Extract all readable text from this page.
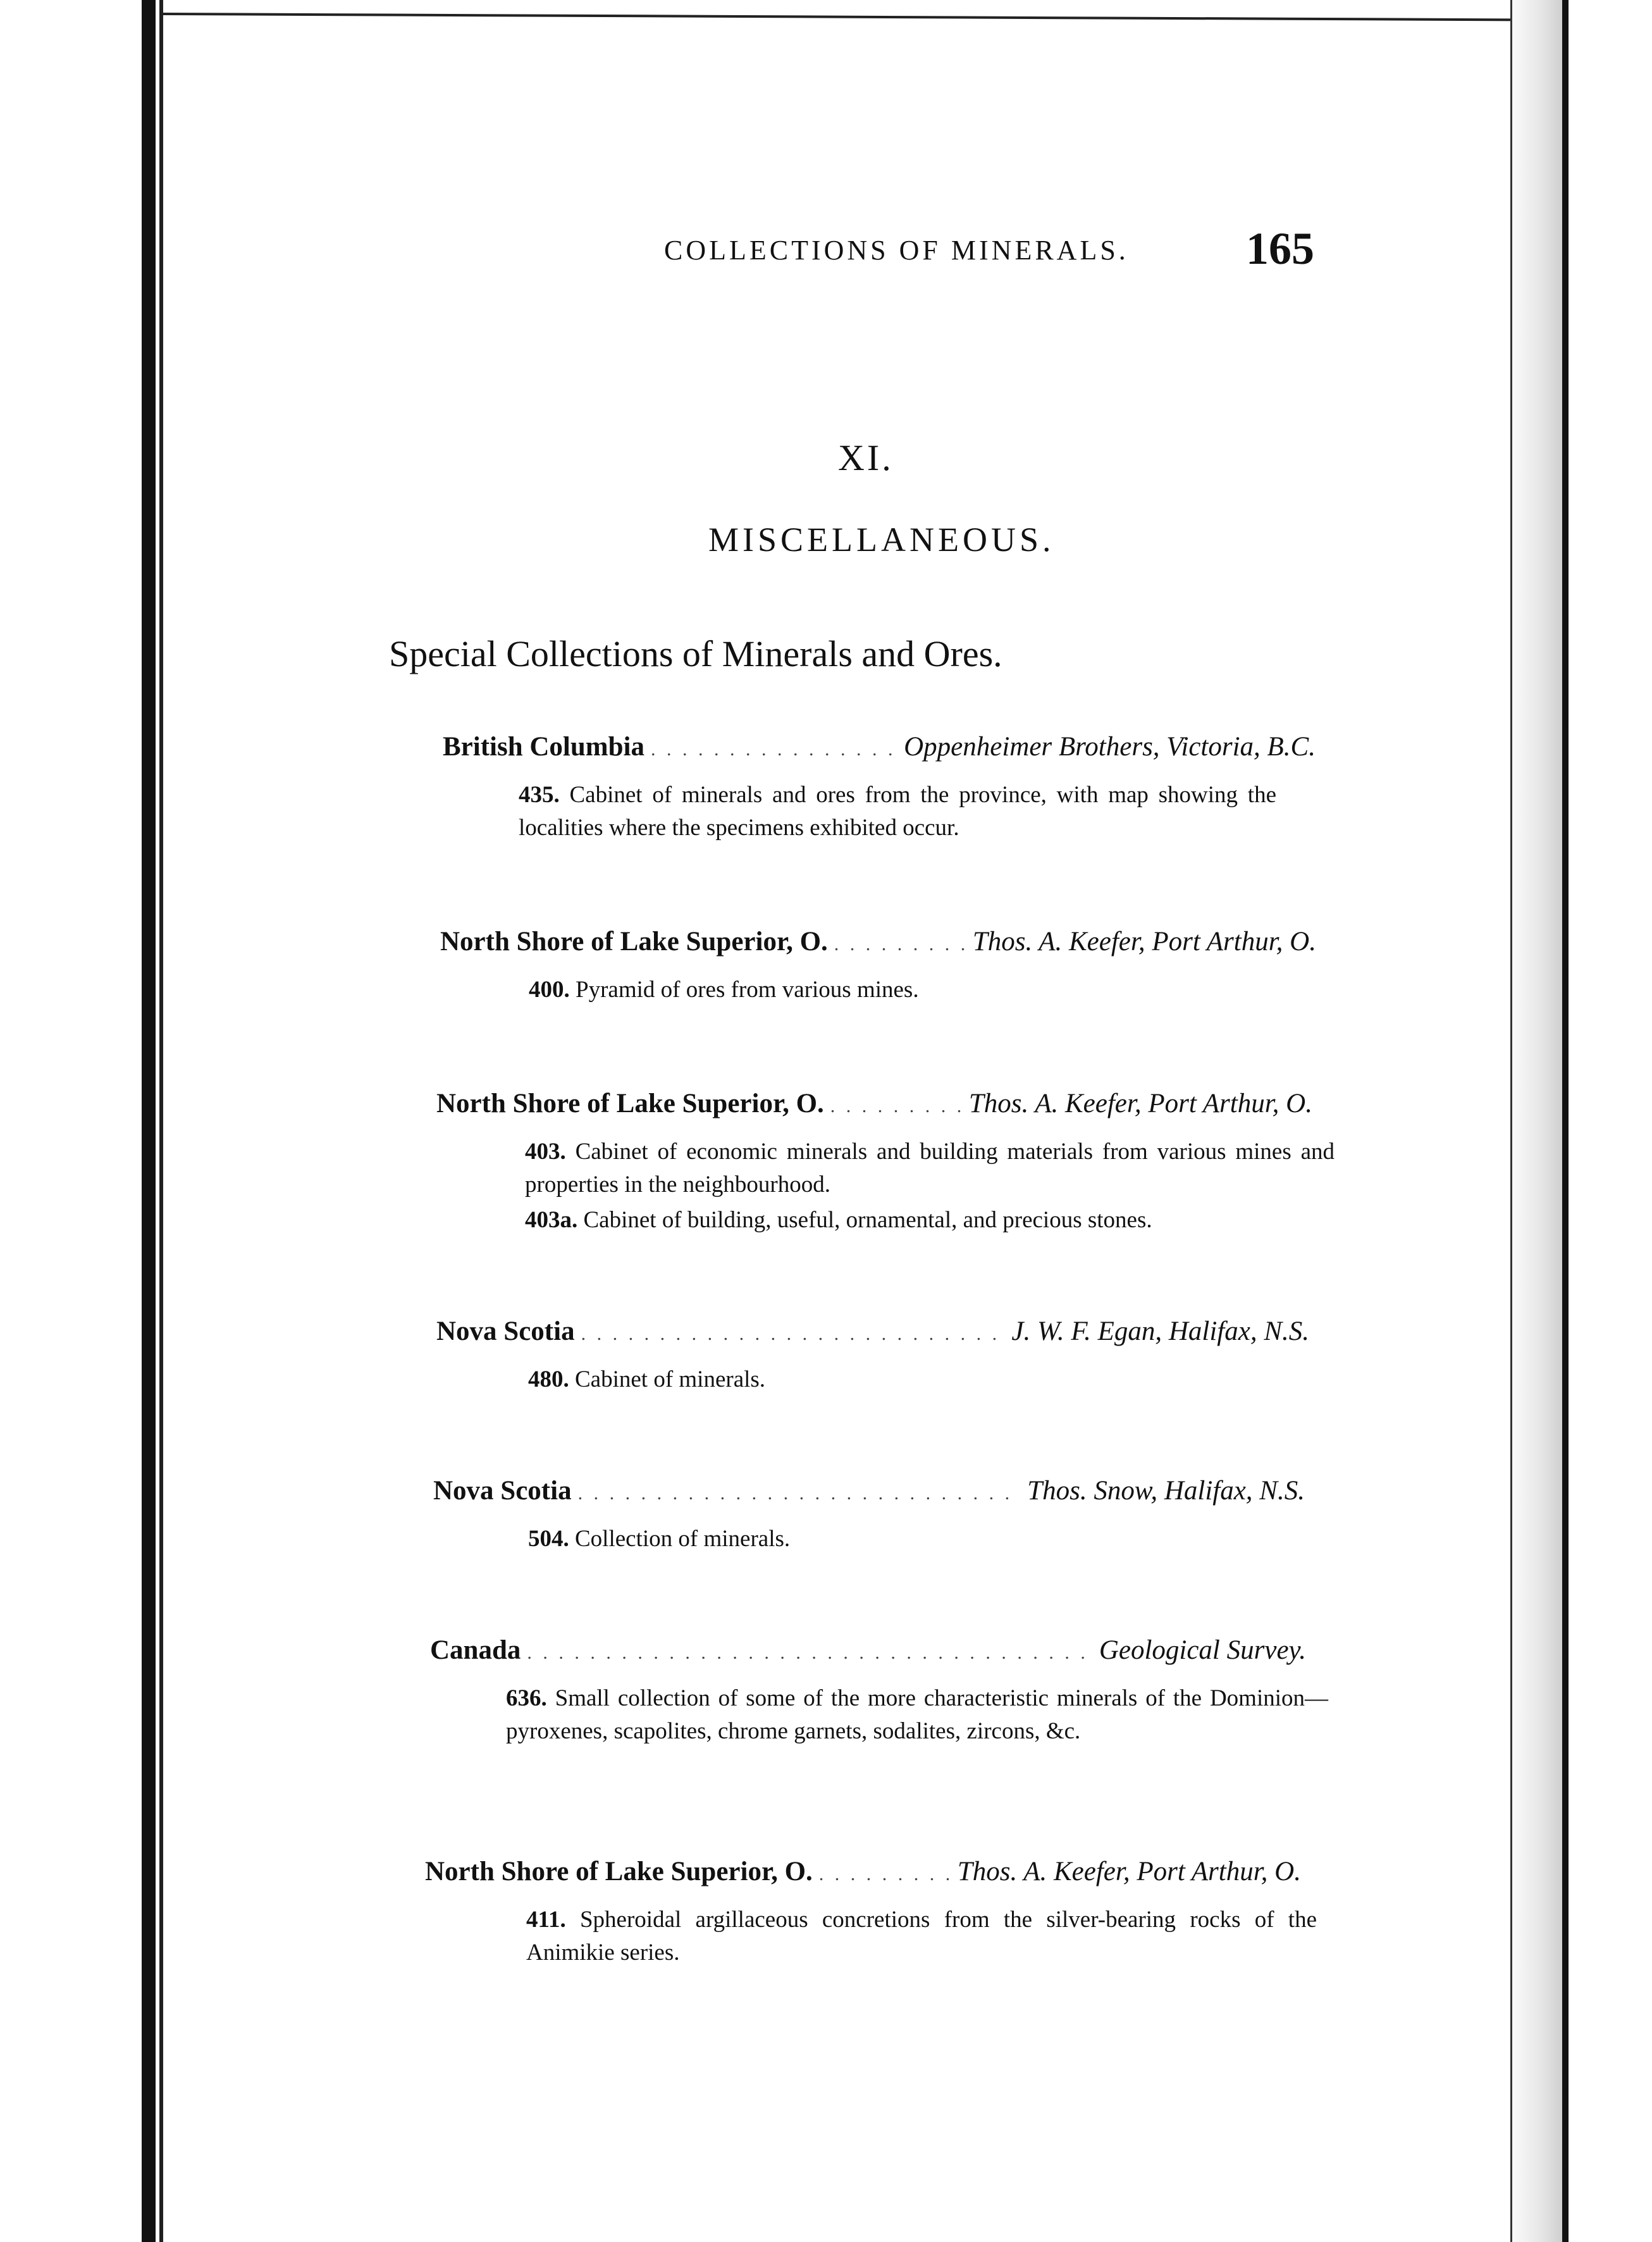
COLLECTIONS OF MINERALS.	165
XI.
MISCELLANEOUS.
Special Collections of Minerals and Ores.
British Columbia . . .	Oppenheimer Brothers, Victoria, B.C.
435. Cabinet of minerals and ores from the province, with map showing the localities where the specimens exhibited occur.
North Shore of Lake Superior, O. . . .	Thos. A. Keefer, Port Arthur, O.
400. Pyramid of ores from various mines.
North Shore of Lake Superior, O. . . .	Thos. A. Keefer, Port Arthur, O.
403. Cabinet of economic minerals and building materials from various mines and properties in the neighbourhood.
403a. Cabinet of building, useful, ornamental, and precious stones.
Nova Scotia . . .	J. W. F. Egan, Halifax, N.S.
480. Cabinet of minerals.
Nova Scotia . . .	Thos. Snow, Halifax, N.S.
504. Collection of minerals.
Canada . . .	Geological Survey.
636. Small collection of some of the more characteristic minerals of the Dominion—pyroxenes, scapolites, chrome garnets, sodalites, zircons, &c.
North Shore of Lake Superior, O. . . .	Thos. A. Keefer, Port Arthur, O.
411. Spheroidal argillaceous concretions from the silver-bearing rocks of the Animikie series.
